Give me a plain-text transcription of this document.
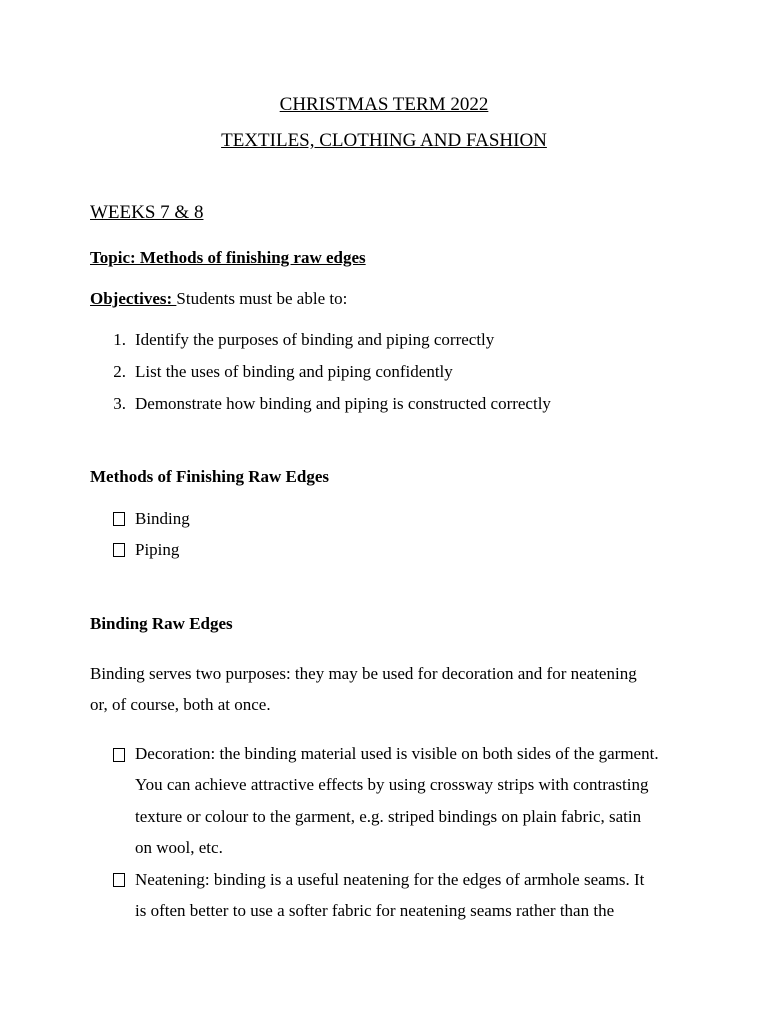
CHRISTMAS TERM 2022
TEXTILES, CLOTHING AND FASHION
WEEKS 7 & 8
Topic: Methods of finishing raw edges
Objectives: Students must be able to:
1. Identify the purposes of binding and piping correctly
2. List the uses of binding and piping confidently
3. Demonstrate how binding and piping is constructed correctly
Methods of Finishing Raw Edges
Binding
Piping
Binding Raw Edges
Binding serves two purposes: they may be used for decoration and for neatening
or, of course, both at once.
Decoration: the binding material used is visible on both sides of the garment.
You can achieve attractive effects by using crossway strips with contrasting
texture or colour to the garment, e.g. striped bindings on plain fabric, satin
on wool, etc.
Neatening: binding is a useful neatening for the edges of armhole seams. It
is often better to use a softer fabric for neatening seams rather than the
